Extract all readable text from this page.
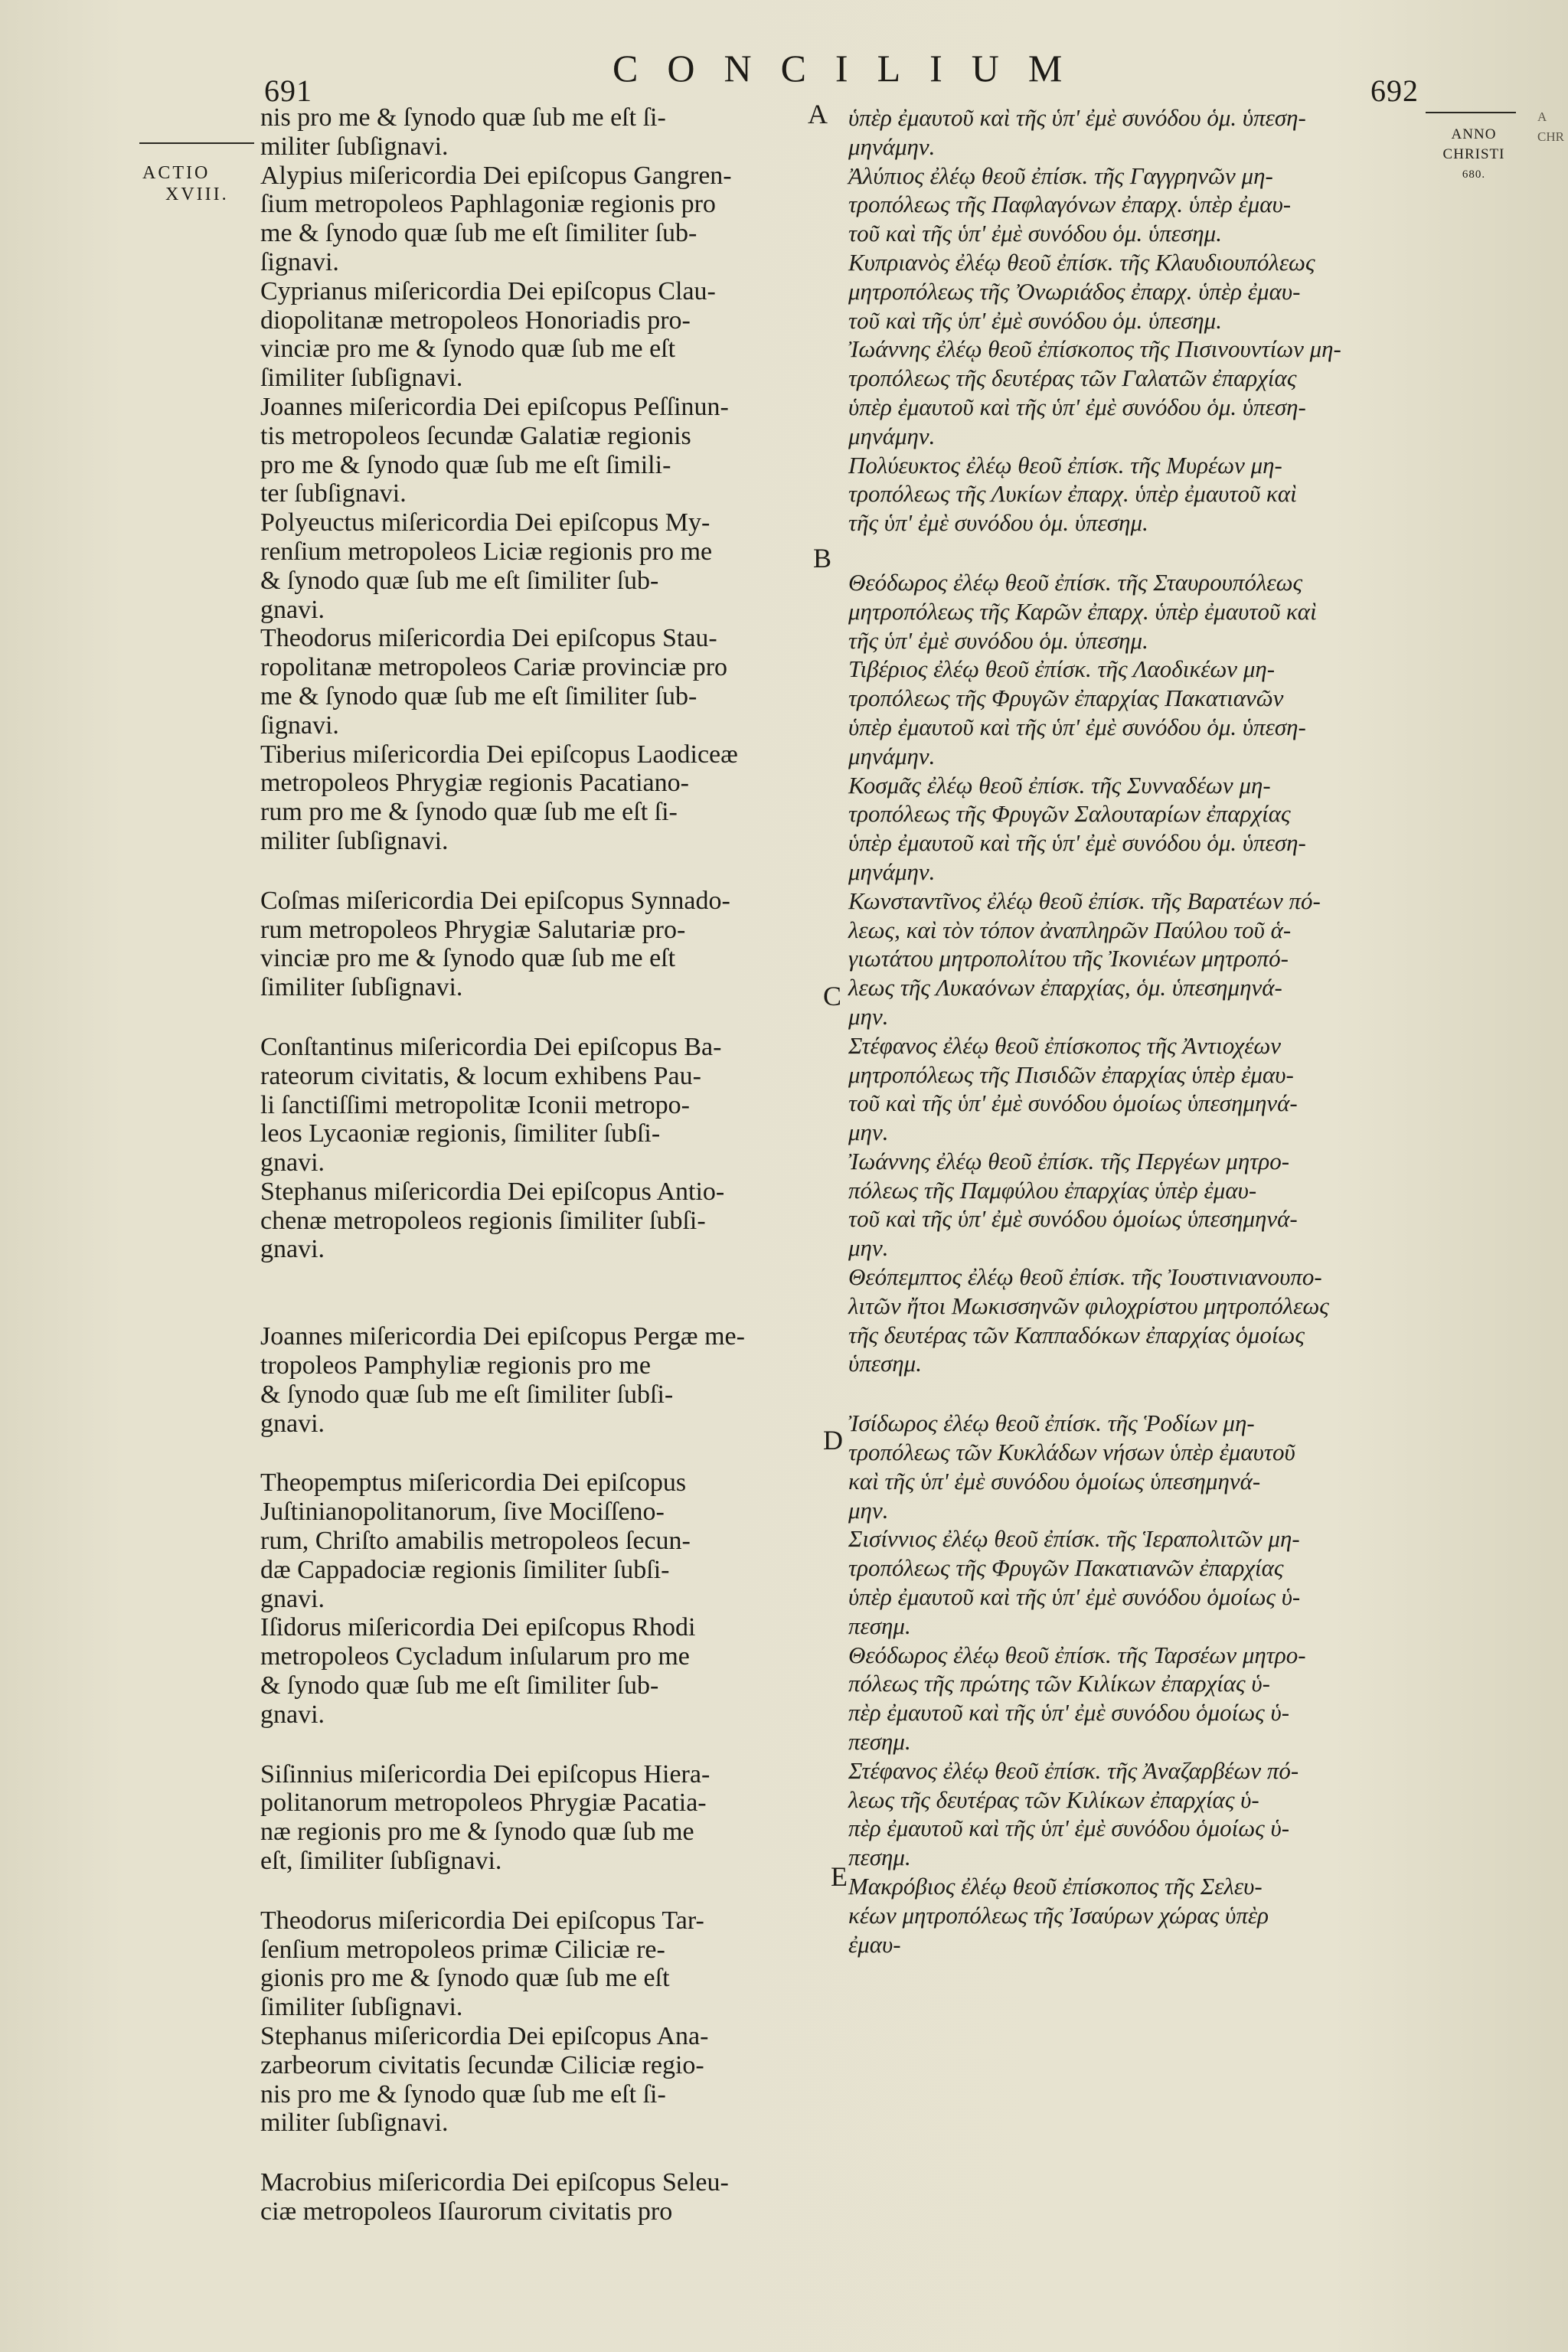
691
CONCILIUM
692
ACTIO
XVIII.
ANNO
CHRISTI
680.
A
CHR
nis pro me & ſynodo quæ ſub me eſt ſi-
militer ſubſignavi.
Alypius miſericordia Dei epiſcopus Gangren-
ſium metropoleos Paphlagoniæ regionis pro
me & ſynodo quæ ſub me eſt ſimiliter ſub-
ſignavi.
Cyprianus miſericordia Dei epiſcopus Clau-
diopolitanæ metropoleos Honoriadis pro-
vinciæ pro me & ſynodo quæ ſub me eſt
ſimiliter ſubſignavi.
Joannes miſericordia Dei epiſcopus Peſſinun-
tis metropoleos ſecundæ Galatiæ regionis
pro me & ſynodo quæ ſub me eſt ſimili-
ter ſubſignavi.
Polyeuctus miſericordia Dei epiſcopus My-
renſium metropoleos Liciæ regionis pro me
& ſynodo quæ ſub me eſt ſimiliter ſub-
gnavi.
Theodorus miſericordia Dei epiſcopus Stau-
ropolitanæ metropoleos Cariæ provinciæ pro
me & ſynodo quæ ſub me eſt ſimiliter ſub-
ſignavi.
Tiberius miſericordia Dei epiſcopus Laodiceæ
metropoleos Phrygiæ regionis Pacatiano-
rum pro me & ſynodo quæ ſub me eſt ſi-
militer ſubſignavi.
Coſmas miſericordia Dei epiſcopus Synnado-
rum metropoleos Phrygiæ Salutariæ pro-
vinciæ pro me & ſynodo quæ ſub me eſt
ſimiliter ſubſignavi.
Conſtantinus miſericordia Dei epiſcopus Ba-
rateorum civitatis, & locum exhibens Pau-
li ſanctiſſimi metropolitæ Iconii metropo-
leos Lycaoniæ regionis, ſimiliter ſubſi-
gnavi.
Stephanus miſericordia Dei epiſcopus Antio-
chenæ metropoleos regionis ſimiliter ſubſi-
gnavi.
Joannes miſericordia Dei epiſcopus Pergæ me-
tropoleos Pamphyliæ regionis pro me
& ſynodo quæ ſub me eſt ſimiliter ſubſi-
gnavi.
Theopemptus miſericordia Dei epiſcopus
Juſtinianopolitanorum, ſive Mociſſeno-
rum, Chriſto amabilis metropoleos ſecun-
dæ Cappadociæ regionis ſimiliter ſubſi-
gnavi.
Iſidorus miſericordia Dei epiſcopus Rhodi
metropoleos Cycladum inſularum pro me
& ſynodo quæ ſub me eſt ſimiliter ſub-
gnavi.
Siſinnius miſericordia Dei epiſcopus Hiera-
politanorum metropoleos Phrygiæ Pacatia-
næ regionis pro me & ſynodo quæ ſub me
eſt, ſimiliter ſubſignavi.
Theodorus miſericordia Dei epiſcopus Tar-
ſenſium metropoleos primæ Ciliciæ re-
gionis pro me & ſynodo quæ ſub me eſt
ſimiliter ſubſignavi.
Stephanus miſericordia Dei epiſcopus Ana-
zarbeorum civitatis ſecundæ Ciliciæ regio-
nis pro me & ſynodo quæ ſub me eſt ſi-
militer ſubſignavi.
Macrobius miſericordia Dei epiſcopus Seleu-
ciæ metropoleos Iſaurorum civitatis pro
ὑπὲρ ἐμαυτοῦ καὶ τῆς ὑπ' ἐμὲ συνόδου ὁμ. ὑπεση-
μηνάμην.
Ἀλύπιος ἐλέῳ θεοῦ ἐπίσκ. τῆς Γαγγρηνῶν μη-
τροπόλεως τῆς Παφλαγόνων ἐπαρχ. ὑπὲρ ἐμαυ-
τοῦ καὶ τῆς ὑπ' ἐμὲ συνόδου ὁμ. ὑπεσημ.
Κυπριανὸς ἐλέῳ θεοῦ ἐπίσκ. τῆς Κλαυδιουπόλεως
μητροπόλεως τῆς Ὀνωριάδος ἐπαρχ. ὑπὲρ ἐμαυ-
τοῦ καὶ τῆς ὑπ' ἐμὲ συνόδου ὁμ. ὑπεσημ.
Ἰωάννης ἐλέῳ θεοῦ ἐπίσκοπος τῆς Πισινουντίων μη-
τροπόλεως τῆς δευτέρας τῶν Γαλατῶν ἐπαρχίας
ὑπὲρ ἐμαυτοῦ καὶ τῆς ὑπ' ἐμὲ συνόδου ὁμ. ὑπεση-
μηνάμην.
Πολύευκτος ἐλέῳ θεοῦ ἐπίσκ. τῆς Μυρέων μη-
τροπόλεως τῆς Λυκίων ἐπαρχ. ὑπὲρ ἐμαυτοῦ καὶ
τῆς ὑπ' ἐμὲ συνόδου ὁμ. ὑπεσημ.
Θεόδωρος ἐλέῳ θεοῦ ἐπίσκ. τῆς Σταυρουπόλεως
μητροπόλεως τῆς Καρῶν ἐπαρχ. ὑπὲρ ἐμαυτοῦ καὶ
τῆς ὑπ' ἐμὲ συνόδου ὁμ. ὑπεσημ.
Τιβέριος ἐλέῳ θεοῦ ἐπίσκ. τῆς Λαοδικέων μη-
τροπόλεως τῆς Φρυγῶν ἐπαρχίας Πακατιανῶν
ὑπὲρ ἐμαυτοῦ καὶ τῆς ὑπ' ἐμὲ συνόδου ὁμ. ὑπεση-
μηνάμην.
Κοσμᾶς ἐλέῳ θεοῦ ἐπίσκ. τῆς Συνναδέων μη-
τροπόλεως τῆς Φρυγῶν Σαλουταρίων ἐπαρχίας
ὑπὲρ ἐμαυτοῦ καὶ τῆς ὑπ' ἐμὲ συνόδου ὁμ. ὑπεση-
μηνάμην.
Κωνσταντῖνος ἐλέῳ θεοῦ ἐπίσκ. τῆς Βαρατέων πό-
λεως, καὶ τὸν τόπον ἀναπληρῶν Παύλου τοῦ ἁ-
γιωτάτου μητροπολίτου τῆς Ἰκονιέων μητροπό-
λεως τῆς Λυκαόνων ἐπαρχίας, ὁμ. ὑπεσημηνά-
μην.
Στέφανος ἐλέῳ θεοῦ ἐπίσκοπος τῆς Ἀντιοχέων
μητροπόλεως τῆς Πισιδῶν ἐπαρχίας ὑπὲρ ἐμαυ-
τοῦ καὶ τῆς ὑπ' ἐμὲ συνόδου ὁμοίως ὑπεσημηνά-
μην.
Ἰωάννης ἐλέῳ θεοῦ ἐπίσκ. τῆς Περγέων μητρο-
πόλεως τῆς Παμφύλου ἐπαρχίας ὑπὲρ ἐμαυ-
τοῦ καὶ τῆς ὑπ' ἐμὲ συνόδου ὁμοίως ὑπεσημηνά-
μην.
Θεόπεμπτος ἐλέῳ θεοῦ ἐπίσκ. τῆς Ἰουστινιανουπο-
λιτῶν ἤτοι Μωκισσηνῶν φιλοχρίστου μητροπόλεως
τῆς δευτέρας τῶν Καππαδόκων ἐπαρχίας ὁμοίως
ὑπεσημ.
Ἰσίδωρος ἐλέῳ θεοῦ ἐπίσκ. τῆς Ῥοδίων μη-
τροπόλεως τῶν Κυκλάδων νήσων ὑπὲρ ἐμαυτοῦ
καὶ τῆς ὑπ' ἐμὲ συνόδου ὁμοίως ὑπεσημηνά-
μην.
Σισίννιος ἐλέῳ θεοῦ ἐπίσκ. τῆς Ἱεραπολιτῶν μη-
τροπόλεως τῆς Φρυγῶν Πακατιανῶν ἐπαρχίας
ὑπὲρ ἐμαυτοῦ καὶ τῆς ὑπ' ἐμὲ συνόδου ὁμοίως ὑ-
πεσημ.
Θεόδωρος ἐλέῳ θεοῦ ἐπίσκ. τῆς Ταρσέων μητρο-
πόλεως τῆς πρώτης τῶν Κιλίκων ἐπαρχίας ὑ-
πὲρ ἐμαυτοῦ καὶ τῆς ὑπ' ἐμὲ συνόδου ὁμοίως ὑ-
πεσημ.
Στέφανος ἐλέῳ θεοῦ ἐπίσκ. τῆς Ἀναζαρβέων πό-
λεως τῆς δευτέρας τῶν Κιλίκων ἐπαρχίας ὑ-
πὲρ ἐμαυτοῦ καὶ τῆς ὑπ' ἐμὲ συνόδου ὁμοίως ὑ-
πεσημ.
Μακρόβιος ἐλέῳ θεοῦ ἐπίσκοπος τῆς Σελευ-
κέων μητροπόλεως τῆς Ἰσαύρων χώρας ὑπὲρ
ἐμαυ-
A
B
C
D
E
